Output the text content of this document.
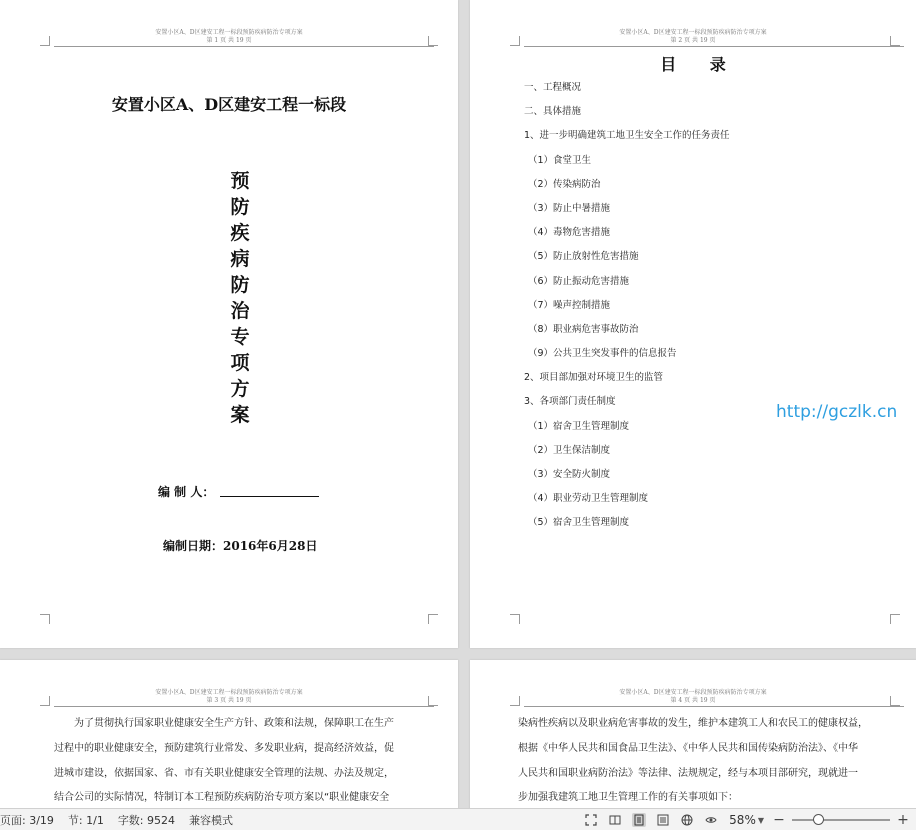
安置小区A、D区建安工程一标段预防疾病防治专项方案
第 1 页 共 19 页
安置小区A、D区建安工程一标段
预
防
疾
病
防
治
专
项
方
案
编 制 人：
编制日期：2016年6月28日
安置小区A、D区建安工程一标段预防疾病防治专项方案
第 2 页 共 19 页
目 录
一、工程概况
二、具体措施
1、进一步明确建筑工地卫生安全工作的任务责任
（1）食堂卫生
（2）传染病防治
（3）防止中暑措施
（4）毒物危害措施
（5）防止放射性危害措施
（6）防止振动危害措施
（7）噪声控制措施
（8）职业病危害事故防治
（9）公共卫生突发事件的信息报告
2、项目部加强对环境卫生的监管
3、各项部门责任制度
（1）宿舍卫生管理制度
（2）卫生保洁制度
（3）安全防火制度
（4）职业劳动卫生管理制度
（5）宿舍卫生管理制度
安置小区A、D区建安工程一标段预防疾病防治专项方案
第 3 页 共 19 页
　　为了贯彻执行国家职业健康安全生产方针、政策和法规，保障职工在生产
过程中的职业健康安全，预防建筑行业常发、多发职业病，提高经济效益，促
进城市建设，依据国家、省、市有关职业健康安全管理的法规、办法及规定，
结合公司的实际情况，特制订本工程预防疾病防治专项方案以“职业健康安全
安置小区A、D区建安工程一标段预防疾病防治专项方案
第 4 页 共 19 页
染病性疾病以及职业病危害事故的发生，维护本建筑工人和农民工的健康权益，
根据《中华人民共和国食品卫生法》、《中华人民共和国传染病防治法》、《中华
人民共和国职业病防治法》等法律、法规规定，经与本项目部研究，现就进一
步加强我建筑工地卫生管理工作的有关事项如下：
http://gczlk.cn
页面: 3/19 节: 1/1 字数: 9524 兼容模式	58% ▼ −	+
